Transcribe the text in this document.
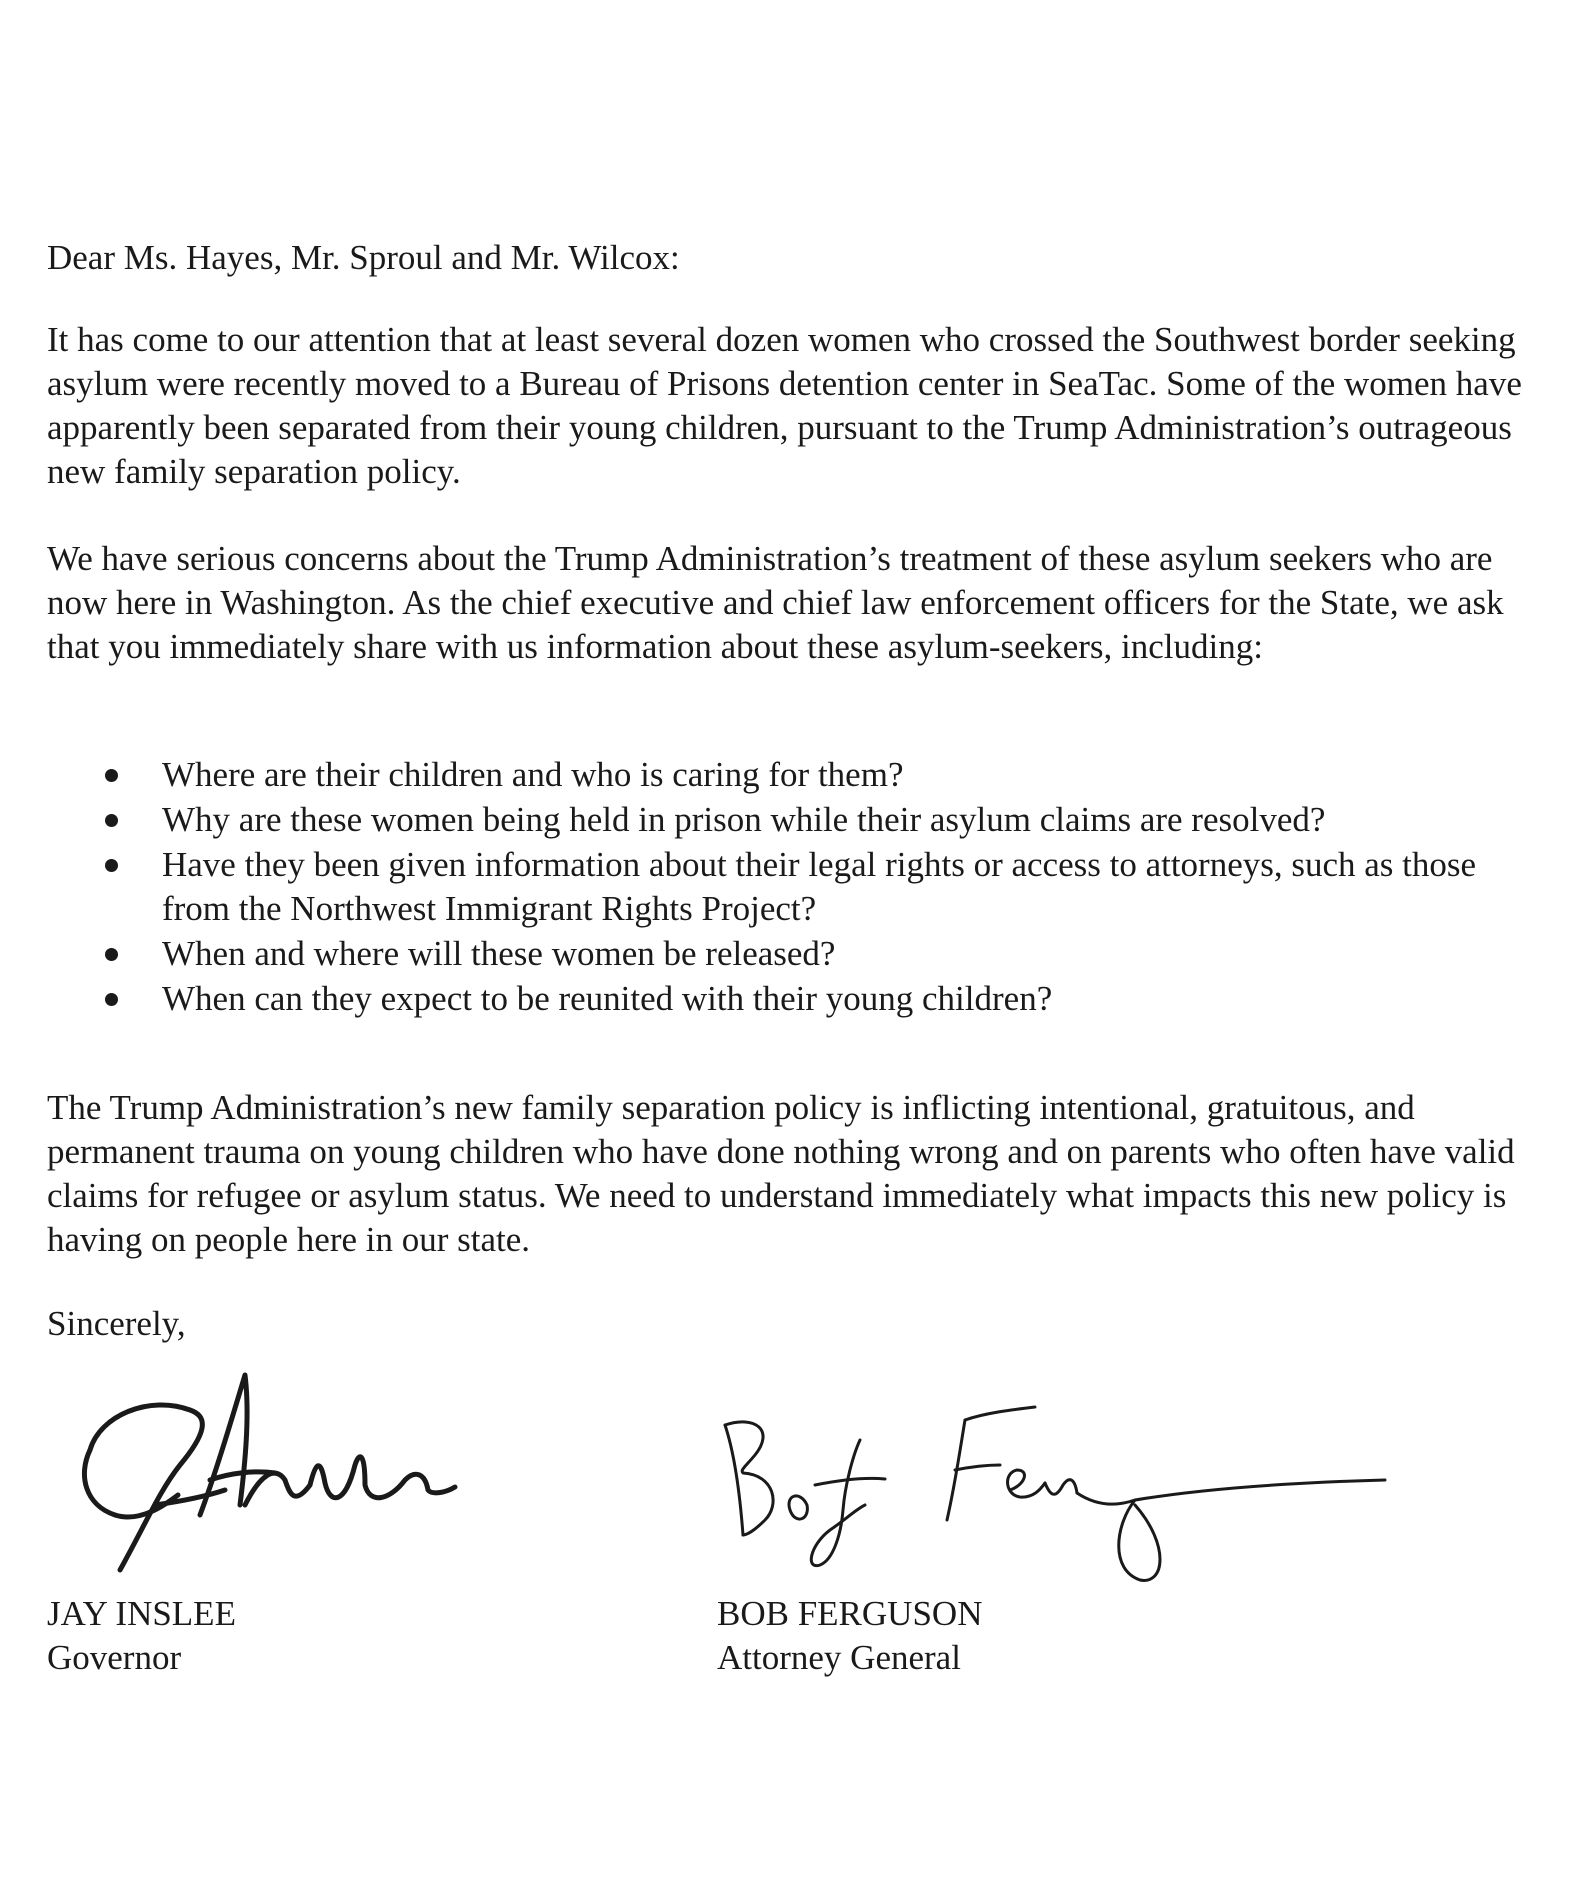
Dear Ms. Hayes, Mr. Sproul and Mr. Wilcox:

It has come to our attention that at least several dozen women who crossed the Southwest border seeking asylum were recently moved to a Bureau of Prisons detention center in SeaTac. Some of the women have apparently been separated from their young children, pursuant to the Trump Administration’s outrageous new family separation policy.

We have serious concerns about the Trump Administration’s treatment of these asylum seekers who are now here in Washington. As the chief executive and chief law enforcement officers for the State, we ask that you immediately share with us information about these asylum-seekers, including:

Where are their children and who is caring for them?
Why are these women being held in prison while their asylum claims are resolved?
Have they been given information about their legal rights or access to attorneys, such as those from the Northwest Immigrant Rights Project?
When and where will these women be released?
When can they expect to be reunited with their young children?

The Trump Administration’s new family separation policy is inflicting intentional, gratuitous, and permanent trauma on young children who have done nothing wrong and on parents who often have valid claims for refugee or asylum status. We need to understand immediately what impacts this new policy is having on people here in our state.

Sincerely,

JAY INSLEE
Governor
BOB FERGUSON
Attorney General
